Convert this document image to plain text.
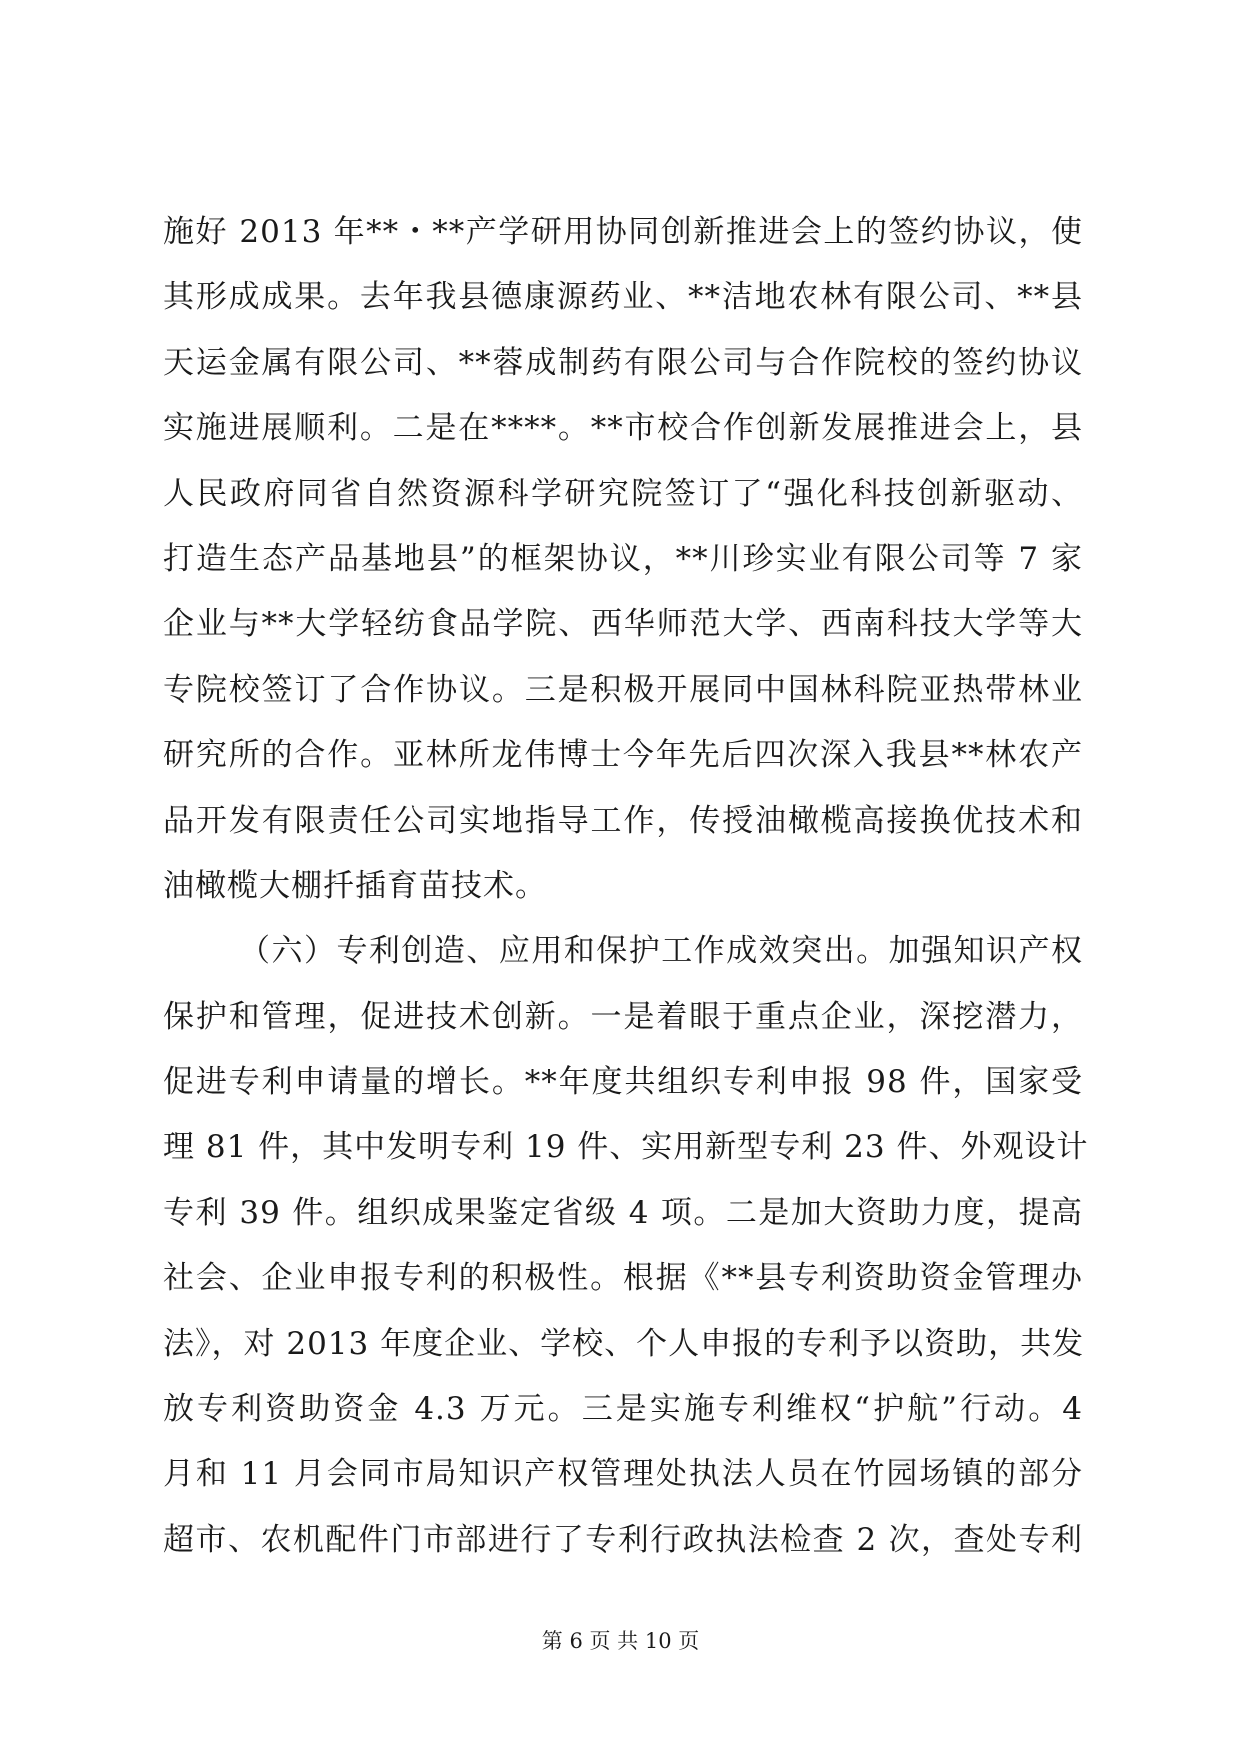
施好 2013 年**・**产学研用协同创新推进会上的签约协议，使
其形成成果。去年我县德康源药业、**洁地农林有限公司、**县
天运金属有限公司、**蓉成制药有限公司与合作院校的签约协议
实施进展顺利。二是在****。**市校合作创新发展推进会上，县
人民政府同省自然资源科学研究院签订了“强化科技创新驱动、
打造生态产品基地县”的框架协议，**川珍实业有限公司等 7 家
企业与**大学轻纺食品学院、西华师范大学、西南科技大学等大
专院校签订了合作协议。三是积极开展同中国林科院亚热带林业
研究所的合作。亚林所龙伟博士今年先后四次深入我县**林农产
品开发有限责任公司实地指导工作，传授油橄榄高接换优技术和
油橄榄大棚扦插育苗技术。
（六）专利创造、应用和保护工作成效突出。加强知识产权
保护和管理，促进技术创新。一是着眼于重点企业，深挖潜力，
促进专利申请量的增长。**年度共组织专利申报 98 件，国家受
理 81 件，其中发明专利 19 件、实用新型专利 23 件、外观设计
专利 39 件。组织成果鉴定省级 4 项。二是加大资助力度，提高
社会、企业申报专利的积极性。根据《**县专利资助资金管理办
法》，对 2013 年度企业、学校、个人申报的专利予以资助，共发
放专利资助资金 4.3 万元。三是实施专利维权“护航”行动。4
月和 11 月会同市局知识产权管理处执法人员在竹园场镇的部分
超市、农机配件门市部进行了专利行政执法检查 2 次，查处专利
第 6 页 共 10 页
